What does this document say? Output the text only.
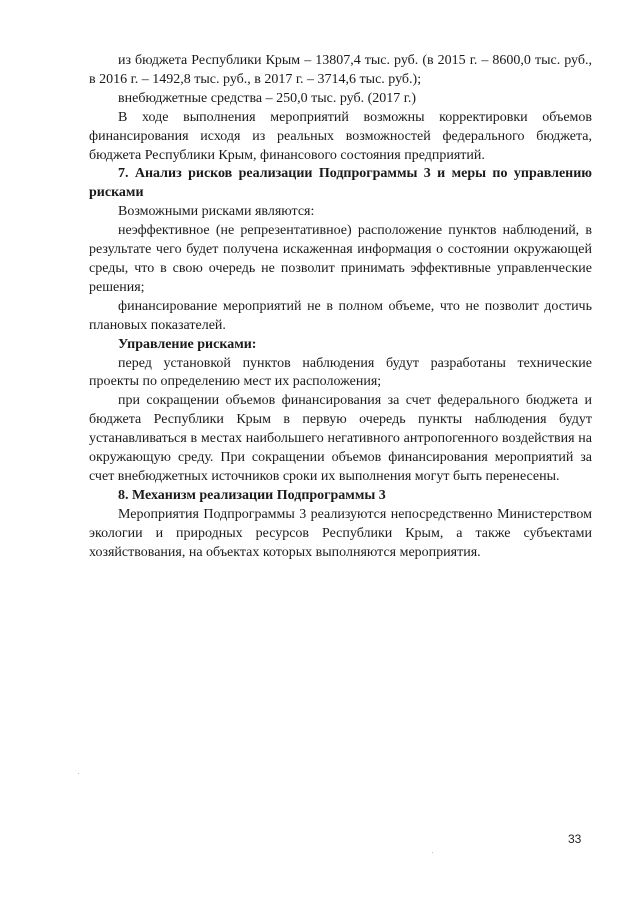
из бюджета Республики Крым – 13807,4 тыс. руб. (в 2015 г. – 8600,0 тыс. руб., в 2016 г. – 1492,8 тыс. руб., в 2017 г. – 3714,6 тыс. руб.);

внебюджетные средства – 250,0 тыс. руб. (2017 г.)

В ходе выполнения мероприятий возможны корректировки объемов финансирования исходя из реальных возможностей федерального бюджета, бюджета Республики Крым, финансового состояния предприятий.

7. Анализ рисков реализации Подпрограммы 3 и меры по управлению рисками

Возможными рисками являются:

неэффективное (не репрезентативное) расположение пунктов наблюдений, в результате чего будет получена искаженная информация о состоянии окружающей среды, что в свою очередь не позволит принимать эффективные управленческие решения;

финансирование мероприятий не в полном объеме, что не позволит достичь плановых показателей.

Управление рисками:

перед установкой пунктов наблюдения будут разработаны технические проекты по определению мест их расположения;

при сокращении объемов финансирования за счет федерального бюджета и бюджета Республики Крым в первую очередь пункты наблюдения будут устанавливаться в местах наибольшего негативного антропогенного воздействия на окружающую среду. При сокращении объемов финансирования мероприятий за счет внебюджетных источников сроки их выполнения могут быть перенесены.

8. Механизм реализации Подпрограммы 3

Мероприятия Подпрограммы 3 реализуются непосредственно Министерством экологии и природных ресурсов Республики Крым, а также субъектами хозяйствования, на объектах которых выполняются мероприятия.

33
